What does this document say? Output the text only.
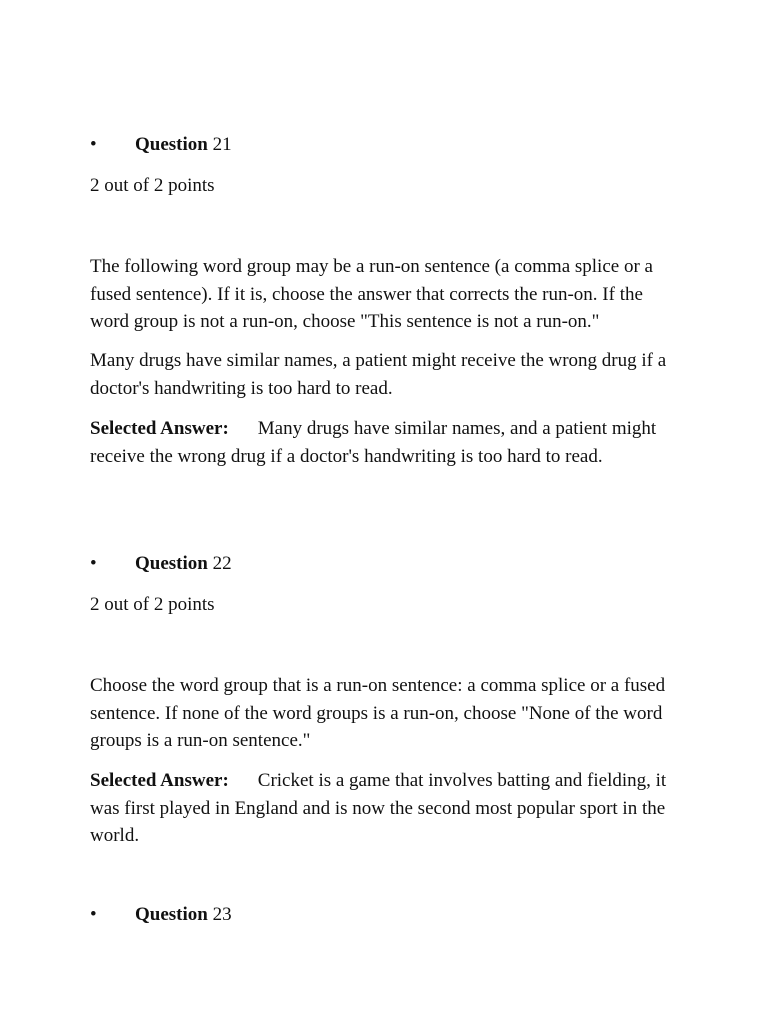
• Question 21
2 out of 2 points
The following word group may be a run-on sentence (a comma splice or a fused sentence). If it is, choose the answer that corrects the run-on. If the word group is not a run-on, choose "This sentence is not a run-on."
Many drugs have similar names, a patient might receive the wrong drug if a doctor's handwriting is too hard to read.
Selected Answer: Many drugs have similar names, and a patient might receive the wrong drug if a doctor's handwriting is too hard to read.
• Question 22
2 out of 2 points
Choose the word group that is a run-on sentence: a comma splice or a fused sentence. If none of the word groups is a run-on, choose "None of the word groups is a run-on sentence."
Selected Answer: Cricket is a game that involves batting and fielding, it was first played in England and is now the second most popular sport in the world.
• Question 23
